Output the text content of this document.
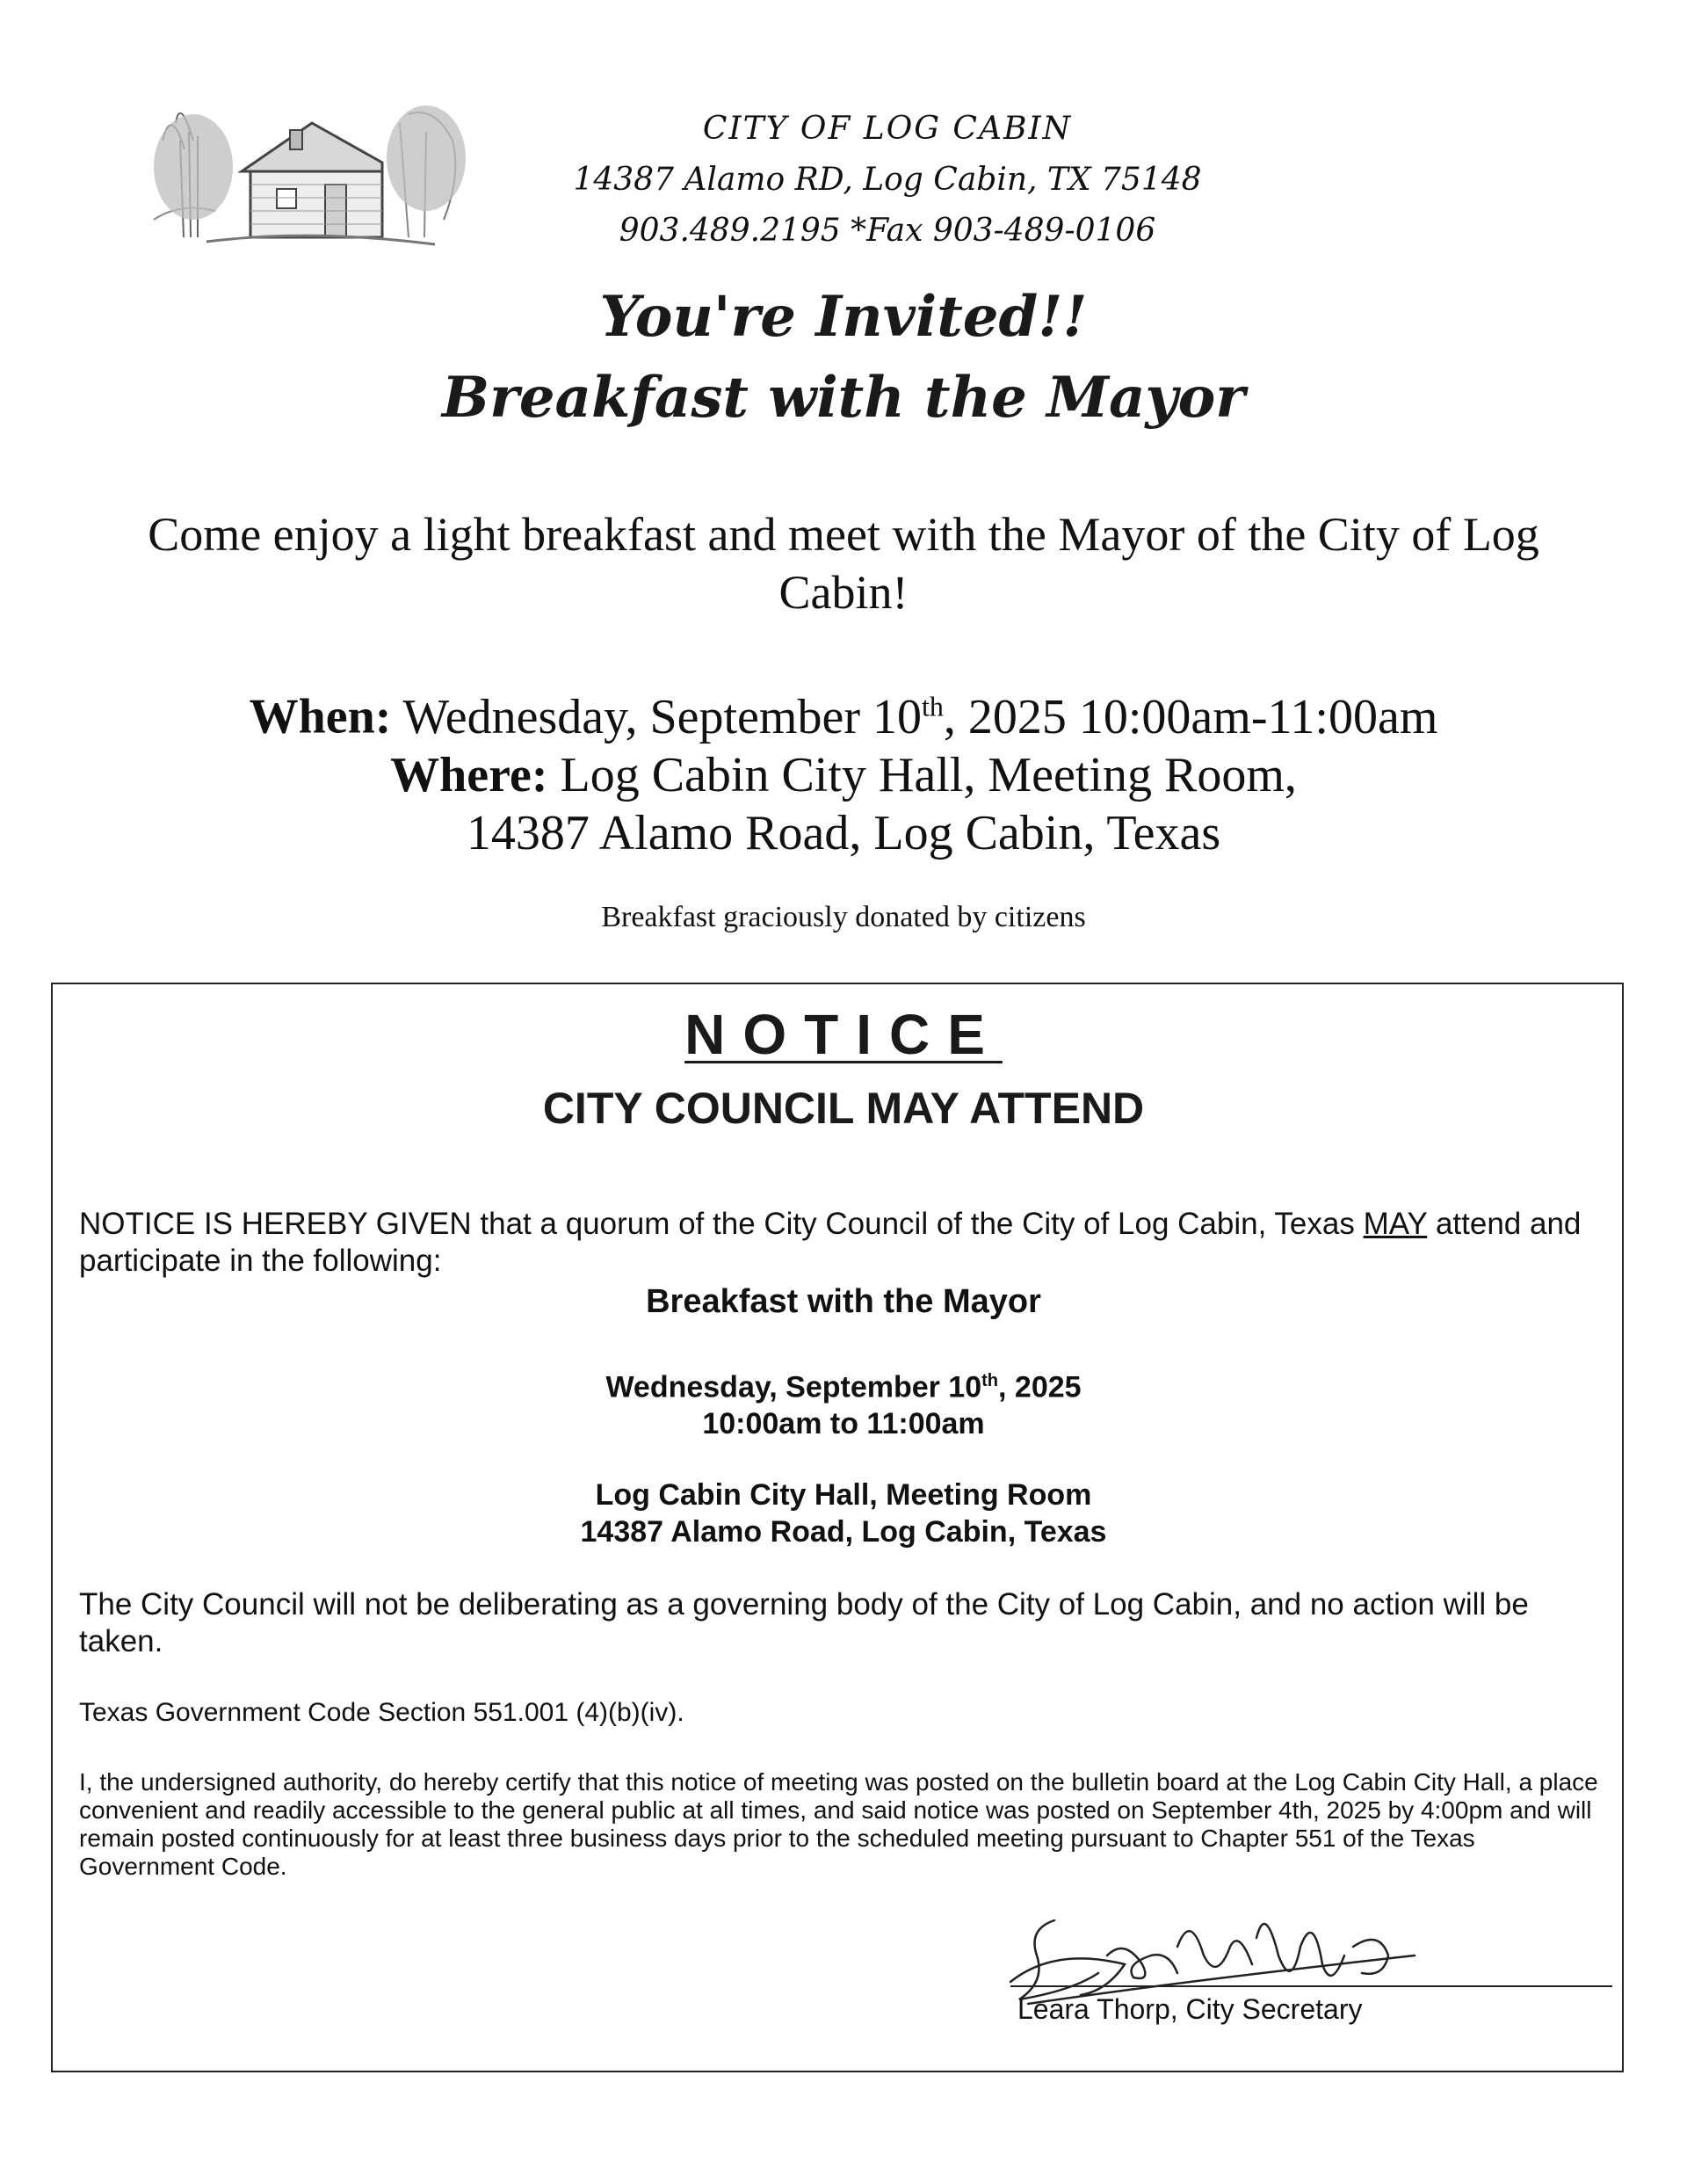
CITY OF LOG CABIN
14387 Alamo RD, Log Cabin, TX 75148
903.489.2195 *Fax 903-489-0106
You're Invited!!
Breakfast with the Mayor
Come enjoy a light breakfast and meet with the Mayor of the City of Log Cabin!
When: Wednesday, September 10th, 2025 10:00am-11:00am
Where: Log Cabin City Hall, Meeting Room,
14387 Alamo Road, Log Cabin, Texas
Breakfast graciously donated by citizens
NOTICE
CITY COUNCIL MAY ATTEND
NOTICE IS HEREBY GIVEN that a quorum of the City Council of the City of Log Cabin, Texas MAY attend and participate in the following:
Breakfast with the Mayor
Wednesday, September 10th, 2025
10:00am to 11:00am
Log Cabin City Hall, Meeting Room
14387 Alamo Road, Log Cabin, Texas
The City Council will not be deliberating as a governing body of the City of Log Cabin, and no action will be taken.
Texas Government Code Section 551.001 (4)(b)(iv).
I, the undersigned authority, do hereby certify that this notice of meeting was posted on the bulletin board at the Log Cabin City Hall, a place convenient and readily accessible to the general public at all times, and said notice was posted on September 4th, 2025 by 4:00pm and will remain posted continuously for at least three business days prior to the scheduled meeting pursuant to Chapter 551 of the Texas Government Code.
Leara Thorp, City Secretary
